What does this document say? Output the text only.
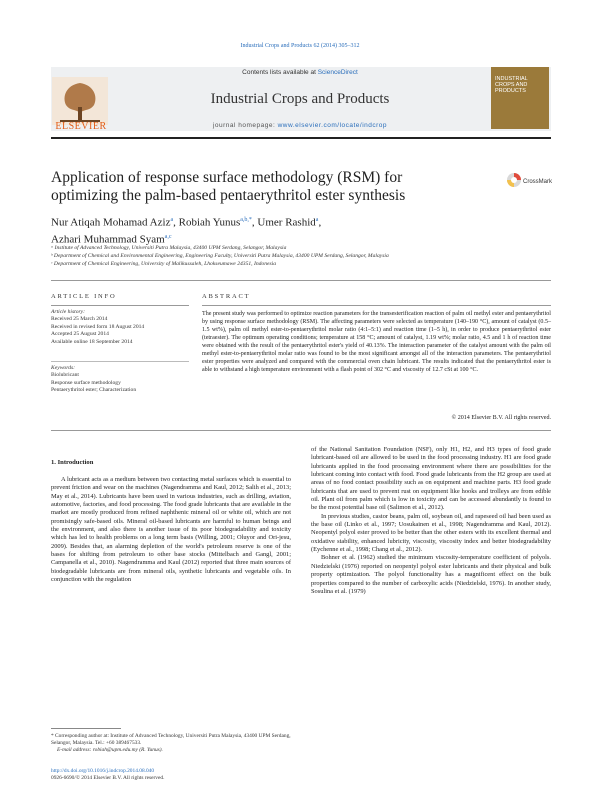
Industrial Crops and Products 62 (2014) 305–312
Contents lists available at ScienceDirect
Industrial Crops and Products
journal homepage: www.elsevier.com/locate/indcrop
ELSEVIER
INDUSTRIAL CROPS AND PRODUCTS
Application of response surface methodology (RSM) for optimizing the palm-based pentaerythritol ester synthesis
CrossMark
Nur Atiqah Mohamad Aziz$^a$, Robiah Yunus$^{a,b,*}$, Umer Rashid$^a$,
Azhari Muhammad Syam$^{a,c}$
ᵃ Institute of Advanced Technology, Universiti Putra Malaysia, 43400 UPM Serdang, Selangor, Malaysia
ᵇ Department of Chemical and Environmental Engineering, Engineering Faculty, Universiti Putra Malaysia, 43400 UPM Serdang, Selangor, Malaysia
ᶜ Department of Chemical Engineering, University of Malikussaleh, Lhokseumawe 24351, Indonesia
ARTICLE INFO	ABSTRACT
Article history:
Received 25 March 2014
Received in revised form 18 August 2014
Accepted 25 August 2014
Available online 18 September 2014
Keywords:
Biolubricant
Response surface methodology
Pentaerythritol ester; Characterization
The present study was performed to optimize reaction parameters for the transesterification reaction of palm oil methyl ester and pentaerythritol by using response surface methodology (RSM). The affecting parameters were selected as temperature (140–190 °C), amount of catalyst (0.5–1.5 wt%), palm oil methyl ester-to-pentaerythritol molar ratio (4:1–5:1) and reaction time (1–5 h), in order to produce pentaerythritol ester (tetraester). The optimum operating conditions; temperature at 158 °C; amount of catalyst, 1.19 wt%; molar ratio, 4.5 and 1 h of reaction time were obtained with the result of the pentaerythritol ester's yield of 40.13%. The interaction parameter of the catalyst amount with the palm oil methyl ester-to-pentaerythritol molar ratio was found to be the most significant amongst all of the interaction parameters. The pentaerythritol ester properties were analyzed and compared with the commercial oven chain lubricant. The results indicated that the pentaerythritol ester is able to withstand a high temperature environment with a flash point of 302 °C and viscosity of 12.7 cSt at 100 °C.
© 2014 Elsevier B.V. All rights reserved.
1. Introduction

A lubricant acts as a medium between two contacting metal surfaces which is essential to prevent friction and wear on the machines (Nagendramma and Kaul, 2012; Salih et al., 2013; May et al., 2014). Lubricants have been used in various industries, such as drilling, aviation, automotive, factories, and food processing. The food grade lubricants that are available in the market are mostly produced from refined naphthenic mineral oil or white oil, which are not promisingly safe-based oils. Mineral oil-based lubricants are harmful to human beings and the environment, and also there is another issue of its poor biodegradability and toxicity which has led to health problems on a long term basis (Willing, 2001; Oluyor and Ori-jesu, 2009). Besides that, an alarming depletion of the world's petroleum reserve is one of the bases for shifting from petroleum to other base stocks (Mittelbach and Gangl, 2001; Campanella et al., 2010). Nagendramma and Kaul (2012) reported that three main sources of biodegradable lubricants are from mineral oils, synthetic lubricants and vegetable oils. In conjunction with the regulation

of the National Sanitation Foundation (NSF), only H1, H2, and H3 types of food grade lubricant-based oil are allowed to be used in the food processing industry. H1 are food grade lubricants applied in the food processing environment where there are possibilities for the lubricant coming into contact with food. Food grade lubricants from the H2 group are used at areas of no food contact possibility such as on equipment and machine parts. H3 food grade lubricants that are used to prevent rust on equipment like hooks and trolleys are from edible oil. Plant oil from palm which is low in toxicity and can be accessed abundantly is found to be the most potential base oil (Salimon et al., 2012).

In previous studies, castor beans, palm oil, soybean oil, and rapeseed oil had been used as the base oil (Linko et al., 1997; Uosukainen et al., 1998; Nagendramma and Kaul, 2012). Neopentyl polyol ester proved to be better than the other esters with its excellent thermal and oxidative stability, enhanced lubricity, viscosity, viscosity index and better biodegradability (Eychenne et al., 1998; Chang et al., 2012).

Bohner et al. (1962) studied the minimum viscosity-temperature coefficient of polyols. Niedzielski (1976) reported on neopentyl polyol ester lubricants and their physical and bulk property optimization. The polyol functionality has a magnificent effect on the bulk properties compared to the number of carboxylic acids (Niedzielski, 1976). In another study, Sosulina et al. (1979)

* Corresponding author at: Institute of Advanced Technology, Universiti Putra Malaysia, 43400 UPM Serdang, Selangor, Malaysia. Tel.: +60 389467533.
E-mail address: robiah@upm.edu.my (R. Yunus).
http://dx.doi.org/10.1016/j.indcrop.2014.08.040
0926-6690/© 2014 Elsevier B.V. All rights reserved.
